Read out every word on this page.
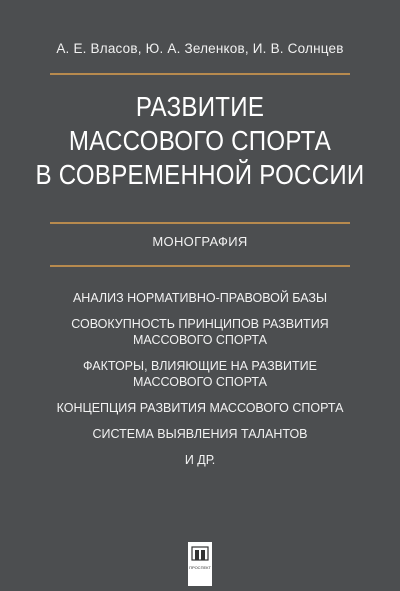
А. Е. Власов, Ю. А. Зеленков, И. В. Солнцев
РАЗВИТИЕ
МАССОВОГО СПОРТА
В СОВРЕМЕННОЙ РОССИИ
МОНОГРАФИЯ
АНАЛИЗ НОРМАТИВНО-ПРАВОВОЙ БАЗЫ
СОВОКУПНОСТЬ ПРИНЦИПОВ РАЗВИТИЯ
МАССОВОГО СПОРТА
ФАКТОРЫ, ВЛИЯЮЩИЕ НА РАЗВИТИЕ
МАССОВОГО СПОРТА
КОНЦЕПЦИЯ РАЗВИТИЯ МАССОВОГО СПОРТА
СИСТЕМА ВЫЯВЛЕНИЯ ТАЛАНТОВ
И ДР.
ПРОСПЕКТ
